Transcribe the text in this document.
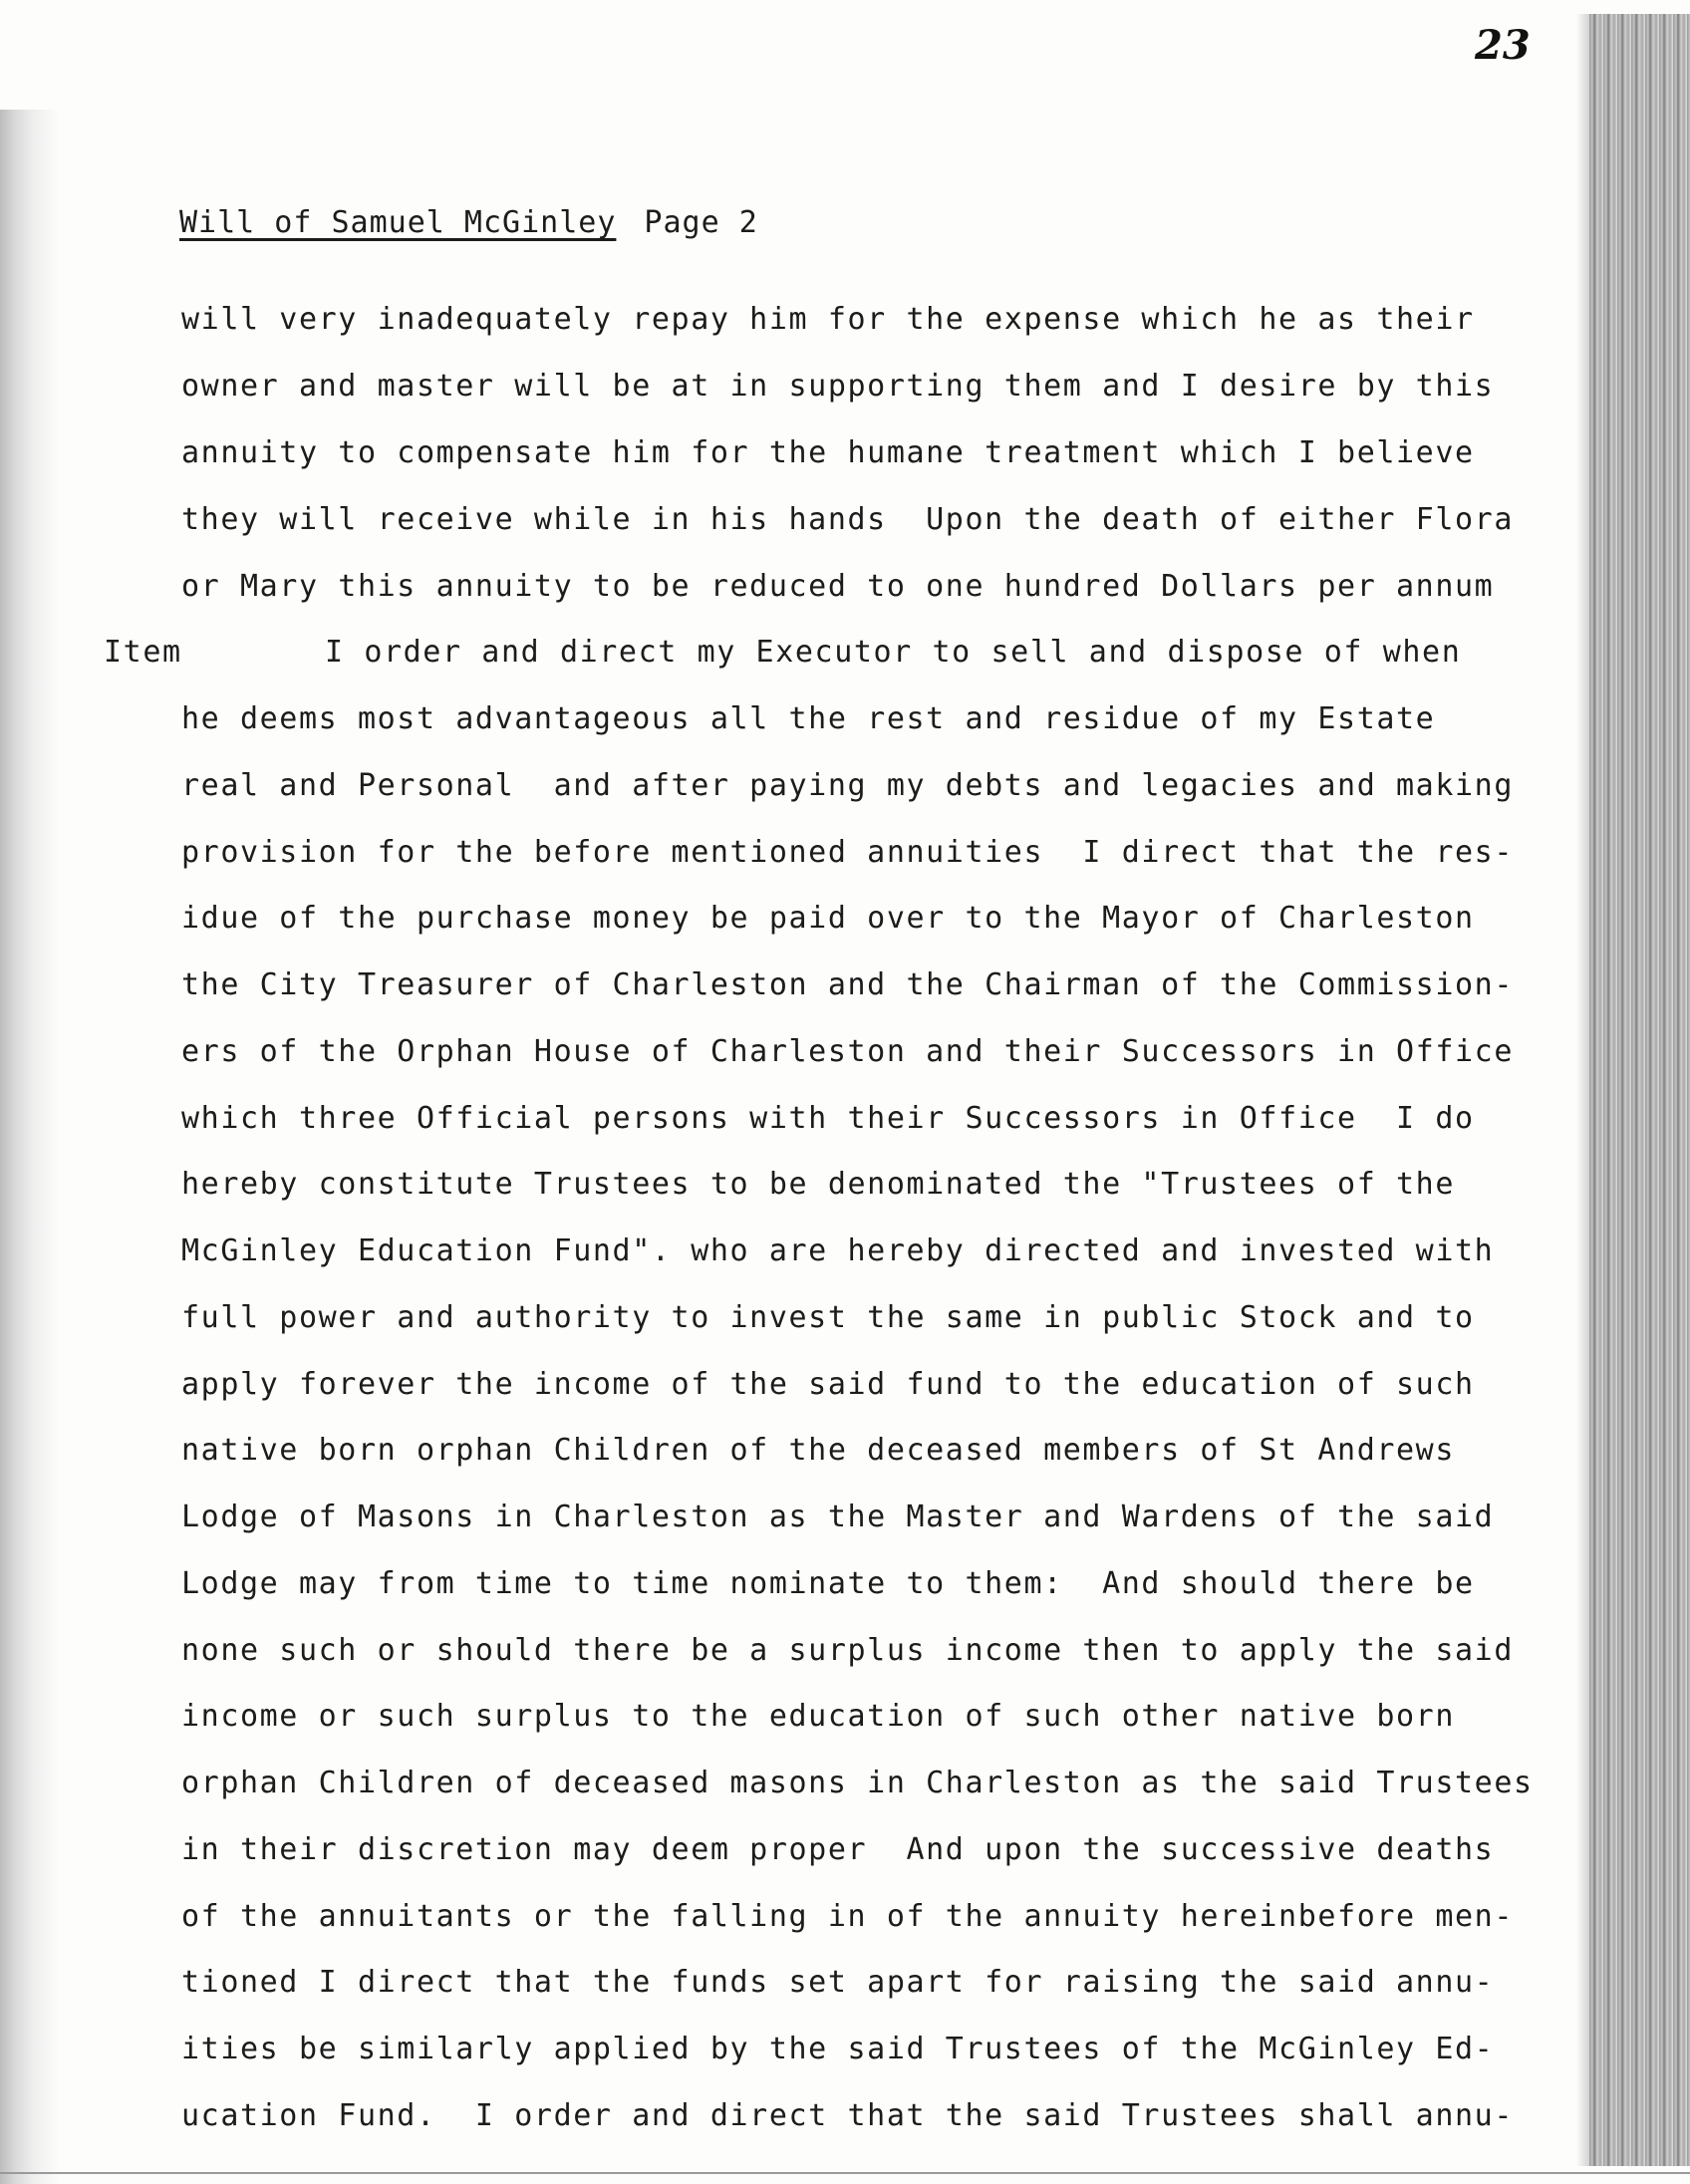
23
Will of Samuel McGinley Page 2
will very inadequately repay him for the expense which he as their
owner and master will be at in supporting them and I desire by this
annuity to compensate him for the humane treatment which I believe
they will receive while in his hands  Upon the death of either Flora
or Mary this annuity to be reduced to one hundred Dollars per annum
Item	I order and direct my Executor to sell and dispose of when
he deems most advantageous all the rest and residue of my Estate
real and Personal  and after paying my debts and legacies and making
provision for the before mentioned annuities  I direct that the res-
idue of the purchase money be paid over to the Mayor of Charleston
the City Treasurer of Charleston and the Chairman of the Commission-
ers of the Orphan House of Charleston and their Successors in Office
which three Official persons with their Successors in Office  I do
hereby constitute Trustees to be denominated the "Trustees of the
McGinley Education Fund". who are hereby directed and invested with
full power and authority to invest the same in public Stock and to
apply forever the income of the said fund to the education of such
native born orphan Children of the deceased members of St Andrews
Lodge of Masons in Charleston as the Master and Wardens of the said
Lodge may from time to time nominate to them:  And should there be
none such or should there be a surplus income then to apply the said
income or such surplus to the education of such other native born
orphan Children of deceased masons in Charleston as the said Trustees
in their discretion may deem proper  And upon the successive deaths
of the annuitants or the falling in of the annuity hereinbefore men-
tioned I direct that the funds set apart for raising the said annu-
ities be similarly applied by the said Trustees of the McGinley Ed-
ucation Fund.  I order and direct that the said Trustees shall annu-
